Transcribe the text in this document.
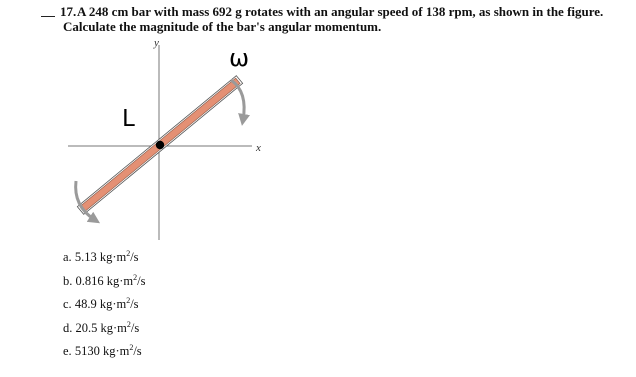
17. A 248 cm bar with mass 692 g rotates with an angular speed of 138 rpm, as shown in the figure.
Calculate the magnitude of the bar's angular momentum.
y
x
ω
L
a. 5.13 $kg\cdot m^2/s$
b. 0.816 $kg\cdot m^2/s$
c. 48.9 $kg\cdot m^2/s$
d. 20.5 $kg\cdot m^2/s$
e. 5130 $kg\cdot m^2/s$
